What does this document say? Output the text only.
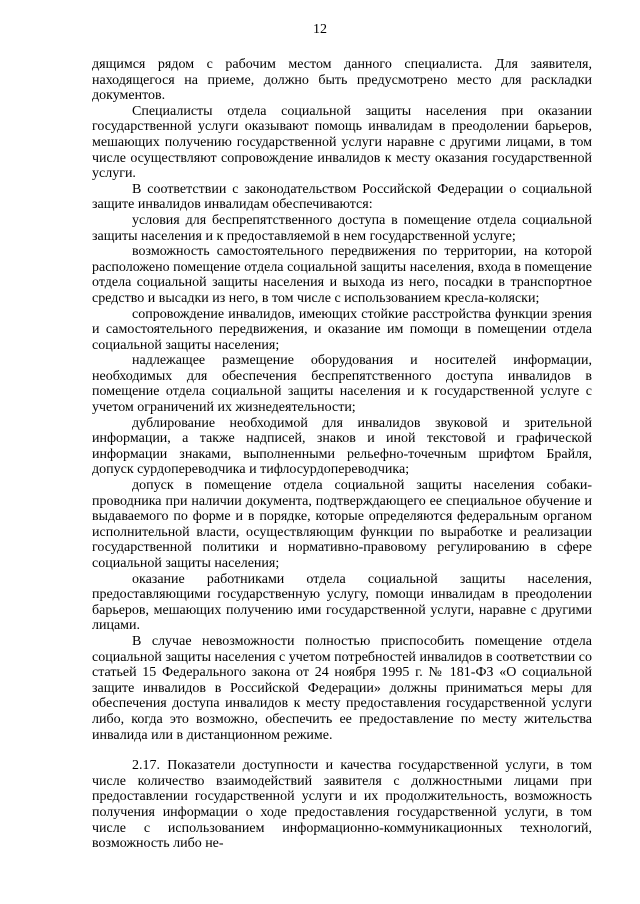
12

дящимся рядом с рабочим местом данного специалиста. Для заявителя, находящегося на приеме, должно быть предусмотрено место для раскладки документов.

Специалисты отдела социальной защиты населения при оказании государственной услуги оказывают помощь инвалидам в преодолении барьеров, мешающих получению государственной услуги наравне с другими лицами, в том числе осуществляют сопровождение инвалидов к месту оказания государственной услуги.

В соответствии с законодательством Российской Федерации о социальной защите инвалидов инвалидам обеспечиваются:

условия для беспрепятственного доступа в помещение отдела социальной защиты населения и к предоставляемой в нем государственной услуге;

возможность самостоятельного передвижения по территории, на которой расположено помещение отдела социальной защиты населения, входа в помещение отдела социальной защиты населения и выхода из него, посадки в транспортное средство и высадки из него, в том числе с использованием кресла-коляски;

сопровождение инвалидов, имеющих стойкие расстройства функции зрения и самостоятельного передвижения, и оказание им помощи в помещении отдела социальной защиты населения;

надлежащее размещение оборудования и носителей информации, необходимых для обеспечения беспрепятственного доступа инвалидов в помещение отдела социальной защиты населения и к государственной услуге с учетом ограничений их жизнедеятельности;

дублирование необходимой для инвалидов звуковой и зрительной информации, а также надписей, знаков и иной текстовой и графической информации знаками, выполненными рельефно-точечным шрифтом Брайля, допуск сурдопереводчика и тифлосурдопереводчика;

допуск в помещение отдела социальной защиты населения собаки-проводника при наличии документа, подтверждающего ее специальное обучение и выдаваемого по форме и в порядке, которые определяются федеральным органом исполнительной власти, осуществляющим функции по выработке и реализации государственной политики и нормативно-правовому регулированию в сфере социальной защиты населения;

оказание работниками отдела социальной защиты населения, предоставляющими государственную услугу, помощи инвалидам в преодолении барьеров, мешающих получению ими государственной услуги, наравне с другими лицами.

В случае невозможности полностью приспособить помещение отдела социальной защиты населения с учетом потребностей инвалидов в соответствии со статьей 15 Федерального закона от 24 ноября 1995 г. № 181-ФЗ «О социальной защите инвалидов в Российской Федерации» должны приниматься меры для обеспечения доступа инвалидов к месту предоставления государственной услуги либо, когда это возможно, обеспечить ее предоставление по месту жительства инвалида или в дистанционном режиме.

2.17. Показатели доступности и качества государственной услуги, в том числе количество взаимодействий заявителя с должностными лицами при предоставлении государственной услуги и их продолжительность, возможность получения информации о ходе предоставления государственной услуги, в том числе с использованием информационно-коммуникационных технологий, возможность либо не-
